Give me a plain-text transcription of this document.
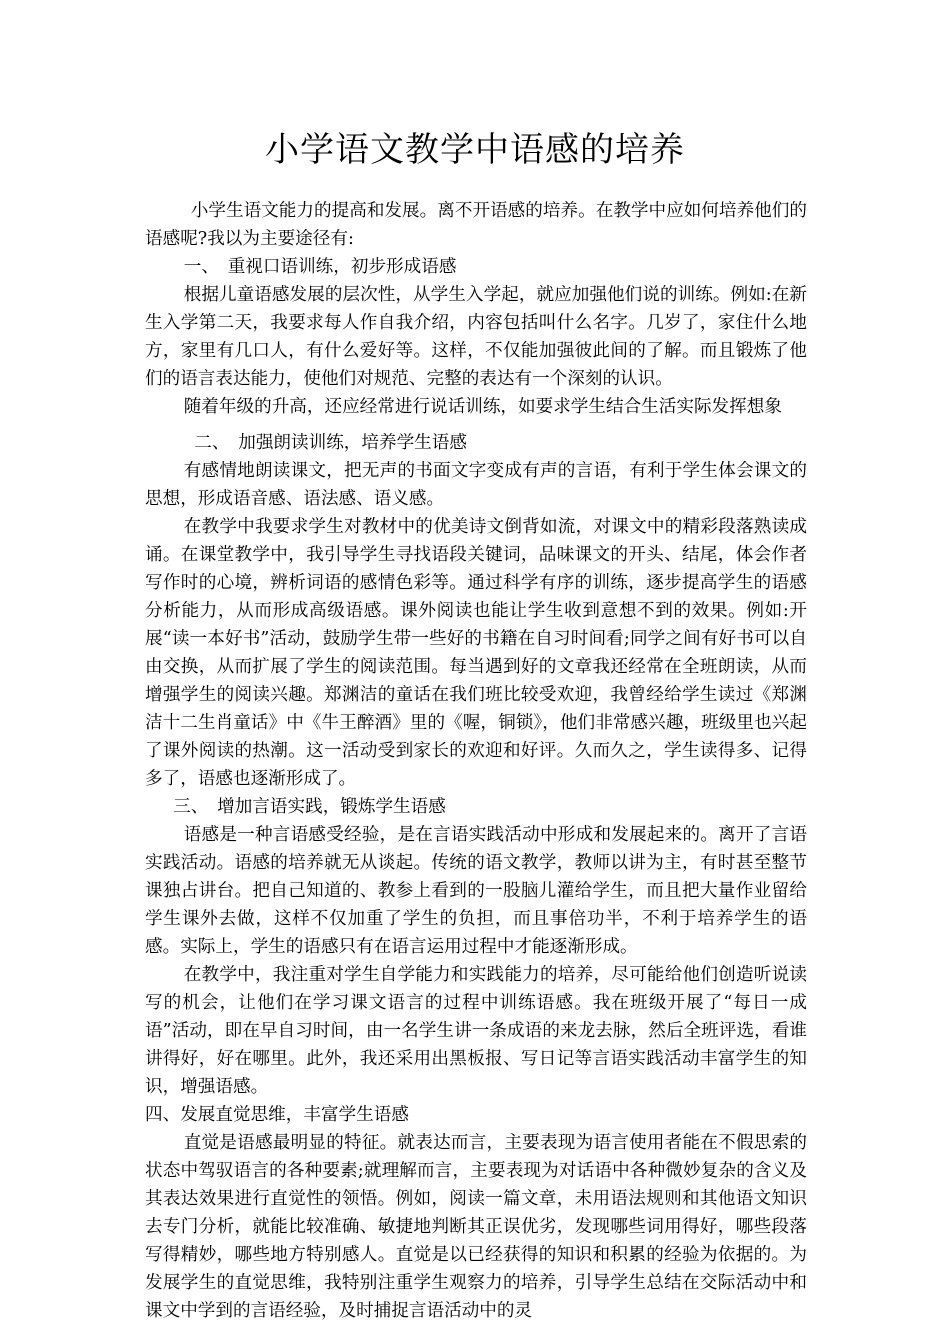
小学语文教学中语感的培养

小学生语文能力的提高和发展。离不开语感的培养。在教学中应如何培养他们的语感呢?我以为主要途径有:

一、　重视口语训练，初步形成语感

根据儿童语感发展的层次性，从学生入学起，就应加强他们说的训练。例如:在新生入学第二天，我要求每人作自我介绍，内容包括叫什么名字。几岁了，家住什么地方，家里有几口人，有什么爱好等。这样，不仅能加强彼此间的了解。而且锻炼了他们的语言表达能力，使他们对规范、完整的表达有一个深刻的认识。

随着年级的升高，还应经常进行说话训练，如要求学生结合生活实际发挥想象

二、　加强朗读训练，培养学生语感

有感情地朗读课文，把无声的书面文字变成有声的言语，有利于学生体会课文的思想，形成语音感、语法感、语义感。

在教学中我要求学生对教材中的优美诗文倒背如流，对课文中的精彩段落熟读成诵。在课堂教学中，我引导学生寻找语段关键词，品味课文的开头、结尾，体会作者写作时的心境，辨析词语的感情色彩等。通过科学有序的训练，逐步提高学生的语感分析能力，从而形成高级语感。课外阅读也能让学生收到意想不到的效果。例如:开展“读一本好书”活动，鼓励学生带一些好的书籍在自习时间看;同学之间有好书可以自由交换，从而扩展了学生的阅读范围。每当遇到好的文章我还经常在全班朗读，从而增强学生的阅读兴趣。郑渊洁的童话在我们班比较受欢迎，我曾经给学生读过《郑渊洁十二生肖童话》中《牛王醉酒》里的《喔，铜锁》，他们非常感兴趣，班级里也兴起了课外阅读的热潮。这一活动受到家长的欢迎和好评。久而久之，学生读得多、记得多了，语感也逐渐形成了。

三、　增加言语实践，锻炼学生语感

语感是一种言语感受经验，是在言语实践活动中形成和发展起来的。离开了言语实践活动。语感的培养就无从谈起。传统的语文教学，教师以讲为主，有时甚至整节课独占讲台。把自己知道的、教参上看到的一股脑儿灌给学生，而且把大量作业留给学生课外去做，这样不仅加重了学生的负担，而且事倍功半，不利于培养学生的语感。实际上，学生的语感只有在语言运用过程中才能逐渐形成。

在教学中，我注重对学生自学能力和实践能力的培养，尽可能给他们创造听说读写的机会，让他们在学习课文语言的过程中训练语感。我在班级开展了“每日一成语”活动，即在早自习时间，由一名学生讲一条成语的来龙去脉，然后全班评选，看谁讲得好，好在哪里。此外，我还采用出黑板报、写日记等言语实践活动丰富学生的知识，增强语感。

四、发展直觉思维，丰富学生语感

直觉是语感最明显的特征。就表达而言，主要表现为语言使用者能在不假思索的状态中驾驭语言的各种要素;就理解而言，主要表现为对话语中各种微妙复杂的含义及其表达效果进行直觉性的领悟。例如，阅读一篇文章，未用语法规则和其他语文知识去专门分析，就能比较准确、敏捷地判断其正误优劣，发现哪些词用得好，哪些段落写得精妙，哪些地方特别感人。直觉是以已经获得的知识和积累的经验为依据的。为发展学生的直觉思维，我特别注重学生观察力的培养，引导学生总结在交际活动中和课文中学到的言语经验，及时捕捉言语活动中的灵
